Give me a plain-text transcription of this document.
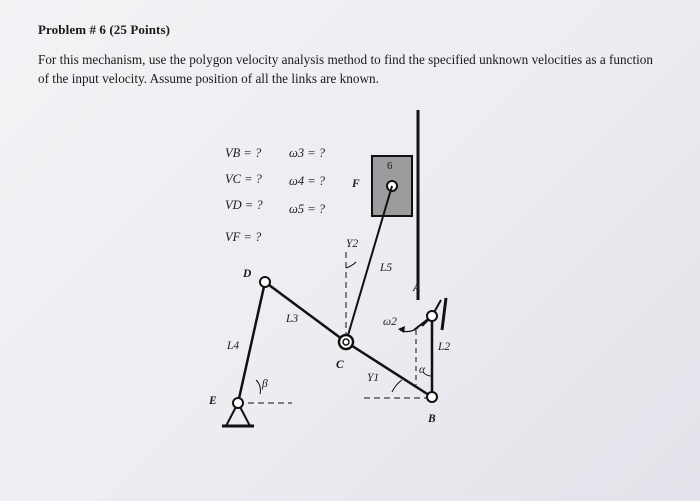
Problem # 6 (25 Points)
For this mechanism, use the polygon velocity analysis method to find the specified unknown velocities as a function of the input velocity. Assume position of all the links are known.
VB = ?
VC = ?
VD = ?
VF = ?
ω3 = ?
ω4 = ?
ω5 = ?
6
F
Υ2
L5
A
D
L3	ω2
L4	L2
C
Υ1
α
β
E
B
